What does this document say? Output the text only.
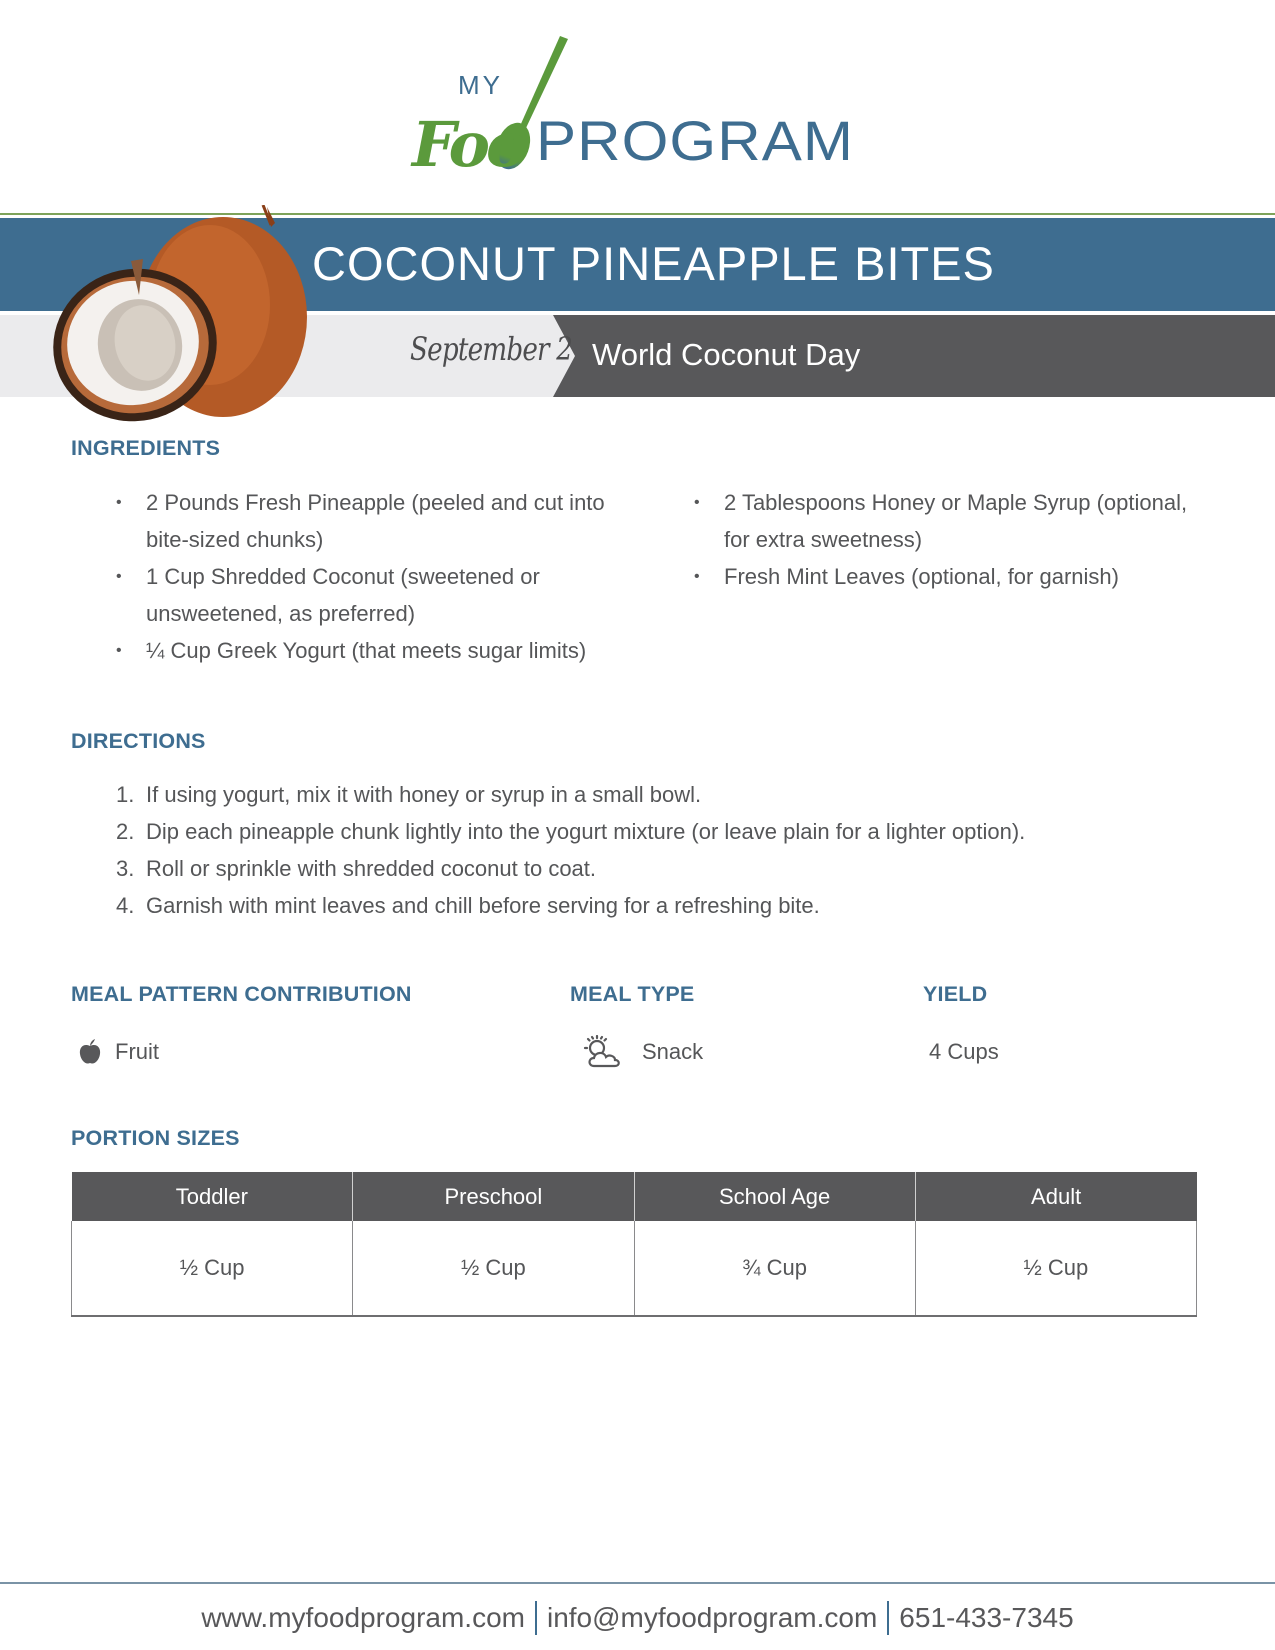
MY
Foo PROGRAM
COCONUT PINEAPPLE BITES
September 2 World Coconut Day
INGREDIENTS
• 2 Pounds Fresh Pineapple (peeled and cut into bite-sized chunks)
• 1 Cup Shredded Coconut (sweetened or unsweetened, as preferred)
• ¼ Cup Greek Yogurt (that meets sugar limits)
• 2 Tablespoons Honey or Maple Syrup (optional, for extra sweetness)
• Fresh Mint Leaves (optional, for garnish)
DIRECTIONS
1. If using yogurt, mix it with honey or syrup in a small bowl.
2. Dip each pineapple chunk lightly into the yogurt mixture (or leave plain for a lighter option).
3. Roll or sprinkle with shredded coconut to coat.
4. Garnish with mint leaves and chill before serving for a refreshing bite.
MEAL PATTERN CONTRIBUTION	MEAL TYPE	YIELD
Fruit	Snack	4 Cups
PORTION SIZES
Toddler	Preschool	School Age	Adult
½ Cup	½ Cup	¾ Cup	½ Cup
www.myfoodprogram.com info@myfoodprogram.com 651-433-7345
